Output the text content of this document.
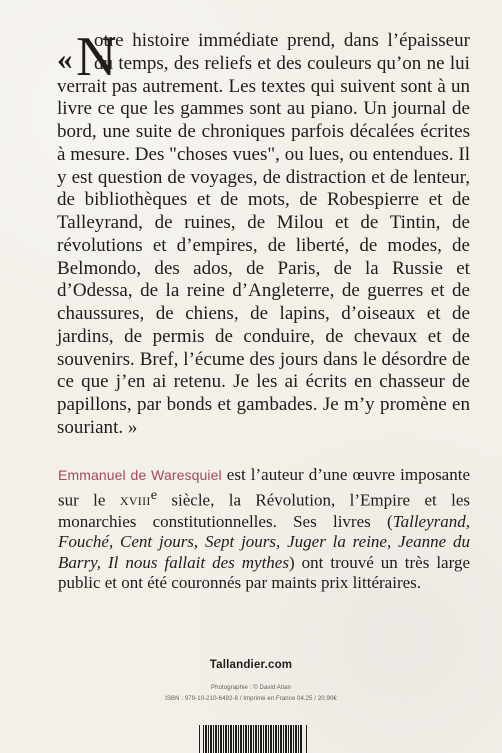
« N

otre histoire immédiate prend, dans l’épaisseur du temps, des reliefs et des couleurs qu’on ne lui verrait pas autrement. Les textes qui suivent sont à un livre ce que les gammes sont au piano. Un journal de bord, une suite de chroniques parfois décalées écrites à mesure. Des "choses vues", ou lues, ou entendues. Il y est question de voyages, de distraction et de lenteur, de bibliothèques et de mots, de Robespierre et de Talleyrand, de ruines, de Milou et de Tintin, de révolutions et d’empires, de liberté, de modes, de Belmondo, des ados, de Paris, de la Russie et d’Odessa, de la reine d’Angleterre, de guerres et de chaussures, de chiens, de lapins, d’oiseaux et de jardins, de permis de conduire, de chevaux et de souvenirs. Bref, l’écume des jours dans le désordre de ce que j’en ai retenu. Je les ai écrits en chasseur de papillons, par bonds et gambades. Je m’y promène en souriant. »

Emmanuel de Waresquiel est l’auteur d’une œuvre imposante sur le XVIIIe siècle, la Révolution, l’Empire et les monarchies constitutionnelles. Ses livres (Talleyrand, Fouché, Cent jours, Sept jours, Juger la reine, Jeanne du Barry, Il nous fallait des mythes) ont trouvé un très large public et ont été couronnés par maints prix littéraires.
Tallandier.com
Photographie : © David Atlan
ISBN : 979-10-210-6492-8 / Imprimé en France 04.25 / 20,90€
